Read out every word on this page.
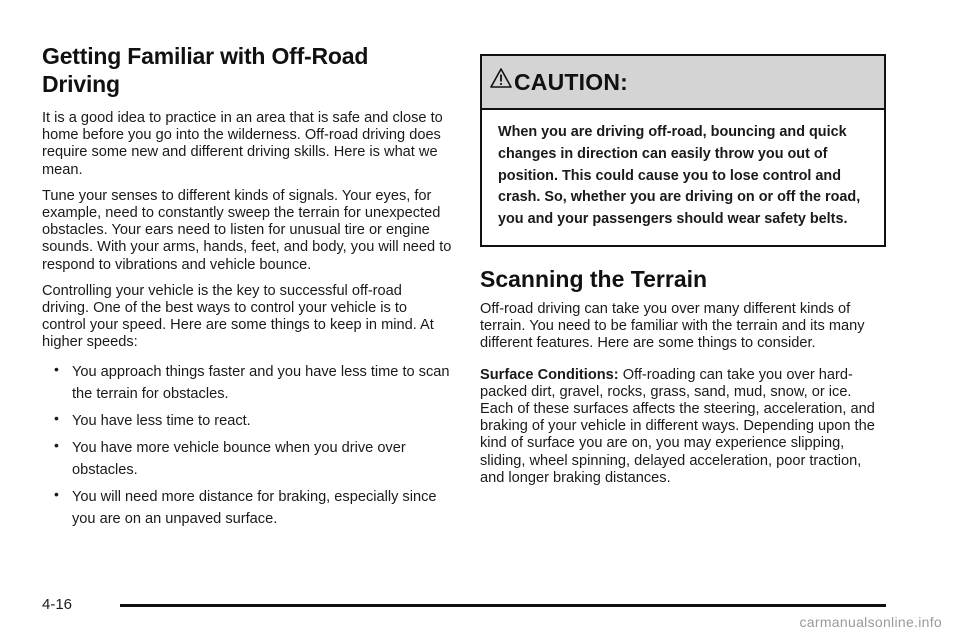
Getting Familiar with Off-Road Driving

It is a good idea to practice in an area that is safe and close to home before you go into the wilderness. Off-road driving does require some new and different driving skills. Here is what we mean.

Tune your senses to different kinds of signals. Your eyes, for example, need to constantly sweep the terrain for unexpected obstacles. Your ears need to listen for unusual tire or engine sounds. With your arms, hands, feet, and body, you will need to respond to vibrations and vehicle bounce.

Controlling your vehicle is the key to successful off-road driving. One of the best ways to control your vehicle is to control your speed. Here are some things to keep in mind. At higher speeds:

• You approach things faster and you have less time to scan the terrain for obstacles.
• You have less time to react.
• You have more vehicle bounce when you drive over obstacles.
• You will need more distance for braking, especially since you are on an unpaved surface.
CAUTION:
When you are driving off-road, bouncing and quick changes in direction can easily throw you out of position. This could cause you to lose control and crash. So, whether you are driving on or off the road, you and your passengers should wear safety belts.
Scanning the Terrain

Off-road driving can take you over many different kinds of terrain. You need to be familiar with the terrain and its many different features. Here are some things to consider.

Surface Conditions: Off-roading can take you over hard-packed dirt, gravel, rocks, grass, sand, mud, snow, or ice. Each of these surfaces affects the steering, acceleration, and braking of your vehicle in different ways. Depending upon the kind of surface you are on, you may experience slipping, sliding, wheel spinning, delayed acceleration, poor traction, and longer braking distances.

4-16
carmanualsonline.info
